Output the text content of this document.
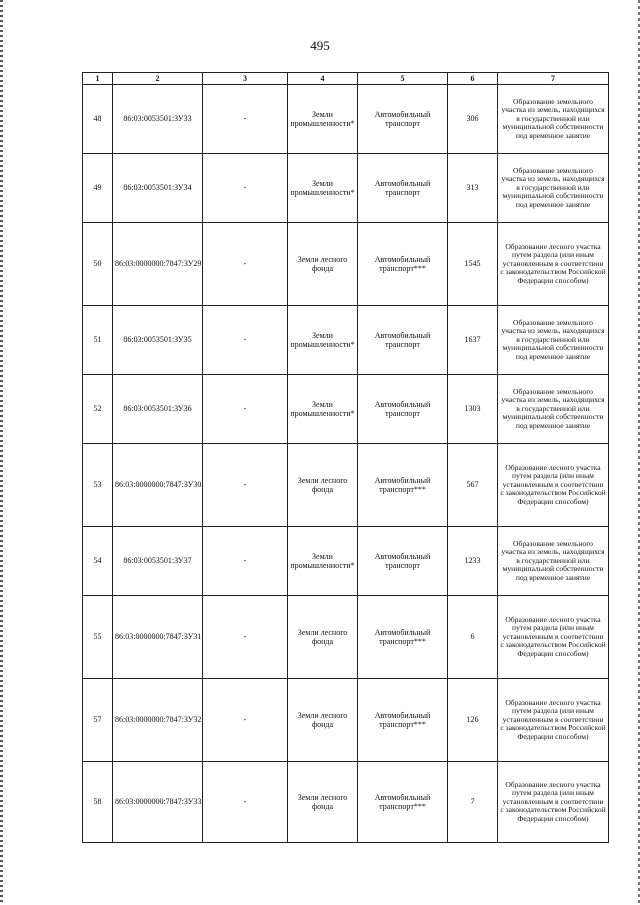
495
1	2	3	4	5	6	7
48	86:03:0053501:ЗУ33	-	Земли промышленности*	Автомобильный транспорт	306	Образование земельного участка из земель, находящихся в государственной или муниципальной собственности под временное занятие
49	86:03:0053501:ЗУ34	-	Земли промышленности*	Автомобильный транспорт	313	Образование земельного участка из земель, находящихся в государственной или муниципальной собственности под временное занятие
50	86:03:0000000:7847:ЗУ29	-	Земли лесного фонда	Автомобильный транспорт***	1545	Образование лесного участка путем раздела (или иным установленным в соответствии с законодательством Российской Федерации способом)
51	86:03:0053501:ЗУ35	-	Земли промышленности*	Автомобильный транспорт	1637	Образование земельного участка из земель, находящихся в государственной или муниципальной собственности под временное занятие
52	86:03:0053501:ЗУ36	-	Земли промышленности*	Автомобильный транспорт	1303	Образование земельного участка из земель, находящихся в государственной или муниципальной собственности под временное занятие
53	86:03:0000000:7847:ЗУ30	-	Земли лесного фонда	Автомобильный транспорт***	567	Образование лесного участка путем раздела (или иным установленным в соответствии с законодательством Российской Федерации способом)
54	86:03:0053501:ЗУ37	-	Земли промышленности*	Автомобильный транспорт	1233	Образование земельного участка из земель, находящихся в государственной или муниципальной собственности под временное занятие
55	86:03:0000000:7847:ЗУ31	-	Земли лесного фонда	Автомобильный транспорт***	6	Образование лесного участка путем раздела (или иным установленным в соответствии с законодательством Российской Федерации способом)
57	86:03:0000000:7847:ЗУ32	-	Земли лесного фонда	Автомобильный транспорт***	126	Образование лесного участка путем раздела (или иным установленным в соответствии с законодательством Российской Федерации способом)
58	86:03:0000000:7847:ЗУ33	-	Земли лесного фонда	Автомобильный транспорт***	7	Образование лесного участка путем раздела (или иным установленным в соответствии с законодательством Российской Федерации способом)
